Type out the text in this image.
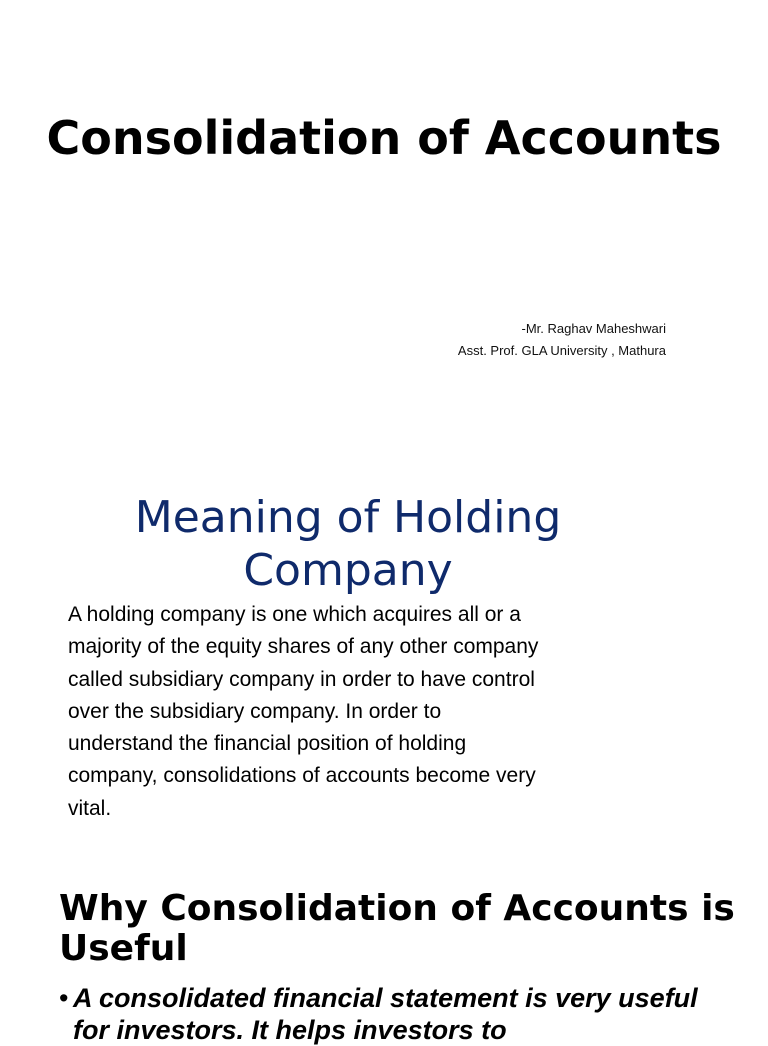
Consolidation of Accounts
-Mr. Raghav Maheshwari
Asst. Prof. GLA University , Mathura
Meaning of Holding Company

A holding company is one which acquires all or a majority of the equity shares of any other company called subsidiary company in order to have control over the subsidiary company. In order to understand the financial position of holding company, consolidations of accounts become very vital.

Why Consolidation of Accounts is Useful
• A consolidated financial statement is very useful for investors. It helps investors to
